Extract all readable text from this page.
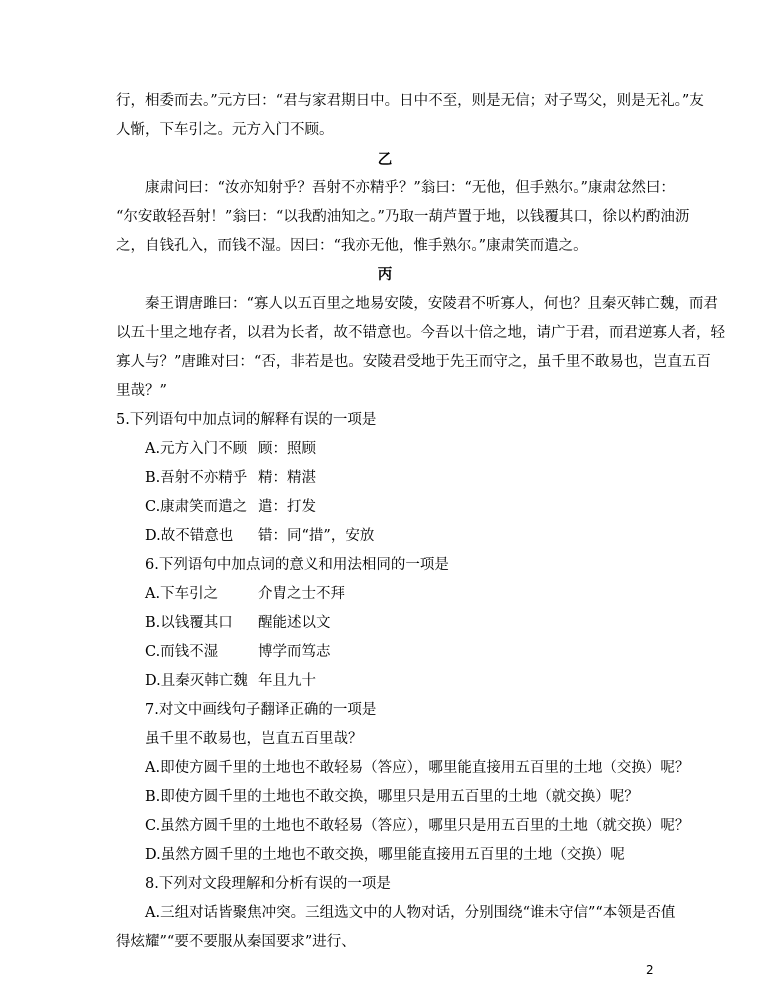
行，相委而去。”元方曰：“君与家君期日中。日中不至，则是无信；对子骂父，则是无礼。”友
人惭，下车引之。元方入门不顾。
乙
康肃问曰：“汝亦知射乎？吾射不亦精乎？”翁曰：“无他，但手熟尔。”康肃忿然曰：
“尔安敢轻吾射！”翁曰：“以我酌油知之。”乃取一葫芦置于地，以钱覆其口，徐以杓酌油沥
之，自钱孔入，而钱不湿。因曰：“我亦无他，惟手熟尔。”康肃笑而遣之。
丙
秦王谓唐雎曰：“寡人以五百里之地易安陵，安陵君不听寡人，何也？且秦灭韩亡魏，而君
以五十里之地存者，以君为长者，故不错意也。今吾以十倍之地，请广于君，而君逆寡人者，轻
寡人与？”唐雎对曰：“否，非若是也。安陵君受地于先王而守之，虽千里不敢易也，岂直五百
里哉？”
5.下列语句中加点词的解释有误的一项是
A.元方入门不顾 顾：照顾
B.吾射不亦精乎 精：精湛
C.康肃笑而遣之 遣：打发
D.故不错意也 错：同“措”，安放
6.下列语句中加点词的意义和用法相同的一项是
A.下车引之	介胄之士不拜
B.以钱覆其口 醒能述以文
C.而钱不湿	博学而笃志
D.且秦灭韩亡魏 年且九十
7.对文中画线句子翻译正确的一项是
虽千里不敢易也，岂直五百里哉？
A.即使方圆千里的土地也不敢轻易（答应），哪里能直接用五百里的土地（交换）呢？
B.即使方圆千里的土地也不敢交换，哪里只是用五百里的土地（就交换）呢？
C.虽然方圆千里的土地也不敢轻易（答应），哪里只是用五百里的土地（就交换）呢？
D.虽然方圆千里的土地也不敢交换，哪里能直接用五百里的土地（交换）呢
8.下列对文段理解和分析有误的一项是
A.三组对话皆聚焦冲突。三组选文中的人物对话，分别围绕“谁未守信”“本领是否值
得炫耀”“要不要服从秦国要求”进行、
2
